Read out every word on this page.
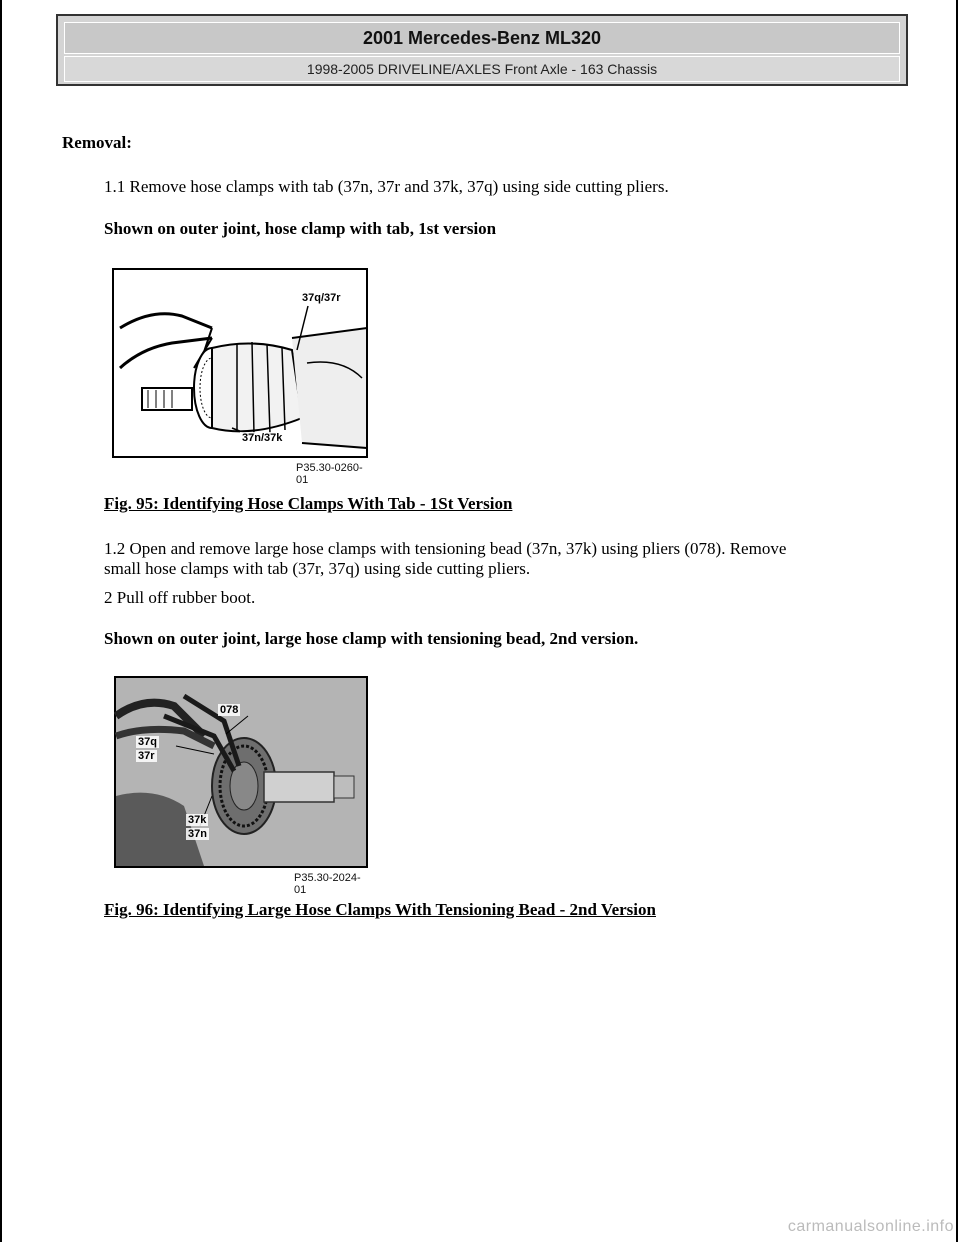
2001 Mercedes-Benz ML320
1998-2005 DRIVELINE/AXLES Front Axle - 163 Chassis
Removal:
1.1 Remove hose clamps with tab (37n, 37r and 37k, 37q) using side cutting pliers.
Shown on outer joint, hose clamp with tab, 1st version
37q/37r
37n/37k
P35.30-0260-01
Fig. 95: Identifying Hose Clamps With Tab - 1St Version
1.2 Open and remove large hose clamps with tensioning bead (37n, 37k) using pliers (078). Remove
small hose clamps with tab (37r, 37q) using side cutting pliers.
2 Pull off rubber boot.
Shown on outer joint, large hose clamp with tensioning bead, 2nd version.
078
37q
37r
37k
37n
P35.30-2024-01
Fig. 96: Identifying Large Hose Clamps With Tensioning Bead - 2nd Version
carmanualsonline.info
